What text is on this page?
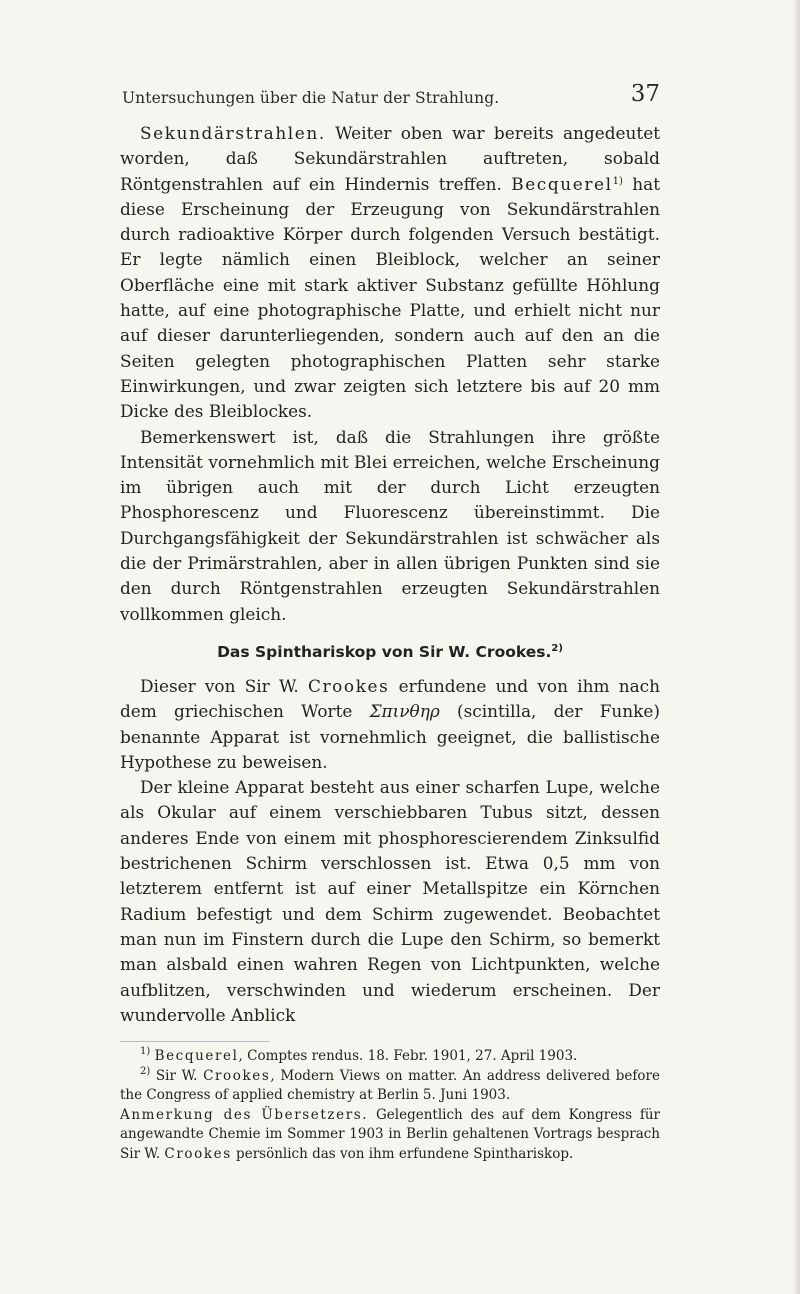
Untersuchungen über die Natur der Strahlung.	37

Sekundärstrahlen. Weiter oben war bereits angedeutet worden, daß Sekundärstrahlen auftreten, sobald Röntgenstrahlen auf ein Hindernis treffen. Becquerel$^{1)}$ hat diese Erscheinung der Erzeugung von Sekundärstrahlen durch radioaktive Körper durch folgenden Versuch bestätigt. Er legte nämlich einen Bleiblock, welcher an seiner Oberfläche eine mit stark aktiver Substanz gefüllte Höhlung hatte, auf eine photographische Platte, und erhielt nicht nur auf dieser darunterliegenden, sondern auch auf den an die Seiten gelegten photographischen Platten sehr starke Einwirkungen, und zwar zeigten sich letztere bis auf 20 mm Dicke des Bleiblockes.

Bemerkenswert ist, daß die Strahlungen ihre größte Intensität vornehmlich mit Blei erreichen, welche Erscheinung im übrigen auch mit der durch Licht erzeugten Phosphorescenz und Fluorescenz übereinstimmt. Die Durchgangsfähigkeit der Sekundärstrahlen ist schwächer als die der Primärstrahlen, aber in allen übrigen Punkten sind sie den durch Röntgenstrahlen erzeugten Sekundärstrahlen vollkommen gleich.

Das Spinthariskop von Sir W. Crookes.$^{2)}$

Dieser von Sir W. Crookes erfundene und von ihm nach dem griechischen Worte Σπινθηρ (scintilla, der Funke) benannte Apparat ist vornehmlich geeignet, die ballistische Hypothese zu beweisen.

Der kleine Apparat besteht aus einer scharfen Lupe, welche als Okular auf einem verschiebbaren Tubus sitzt, dessen anderes Ende von einem mit phosphorescierendem Zinksulfid bestrichenen Schirm verschlossen ist. Etwa 0,5 mm von letzterem entfernt ist auf einer Metallspitze ein Körnchen Radium befestigt und dem Schirm zugewendet. Beobachtet man nun im Finstern durch die Lupe den Schirm, so bemerkt man alsbald einen wahren Regen von Lichtpunkten, welche aufblitzen, verschwinden und wiederum erscheinen. Der wundervolle Anblick

$^{1)}$ Becquerel, Comptes rendus. 18. Febr. 1901, 27. April 1903.

$^{2)}$ Sir W. Crookes, Modern Views on matter. An address delivered before the Congress of applied chemistry at Berlin 5. Juni 1903.

Anmerkung des Übersetzers. Gelegentlich des auf dem Kongress für angewandte Chemie im Sommer 1903 in Berlin gehaltenen Vortrags besprach Sir W. Crookes persönlich das von ihm erfundene Spinthariskop.
